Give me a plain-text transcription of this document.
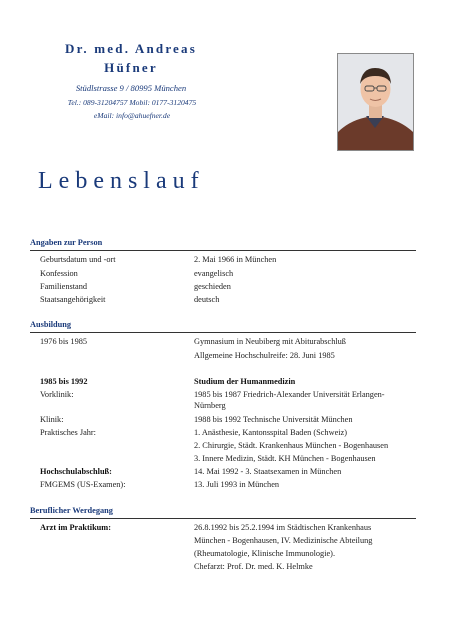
Dr. med. Andreas
Hüfner
Stüdlstrasse 9 / 80995 München
Tel.: 089-31204757 Mobil: 0177-3120475
eMail: info@ahuefner.de
Lebenslauf
Angaben zur Person
Geburtsdatum und -ort	2. Mai 1966 in München
Konfession	evangelisch
Familienstand	geschieden
Staatsangehörigkeit	deutsch
Ausbildung
1976 bis 1985	Gymnasium in Neubiberg mit Abiturabschluß
Allgemeine Hochschulreife: 28. Juni 1985
1985 bis 1992	Studium der Humanmedizin
Vorklinik:	1985 bis 1987 Friedrich-Alexander Universität Erlangen-Nürnberg
Klinik:	1988 bis 1992 Technische Universität München
Praktisches Jahr:	1. Anästhesie, Kantonsspital Baden (Schweiz)
2. Chirurgie, Städt. Krankenhaus München - Bogenhausen
3. Innere Medizin, Städt. KH München - Bogenhausen
Hochschulabschluß:	14. Mai 1992 - 3. Staatsexamen in München
FMGEMS (US-Examen):	13. Juli 1993 in München
Beruflicher Werdegang
Arzt im Praktikum:	26.8.1992 bis 25.2.1994 im Städtischen Krankenhaus
München - Bogenhausen, IV. Medizinische Abteilung
(Rheumatologie, Klinische Immunologie).
Chefarzt: Prof. Dr. med. K. Helmke
